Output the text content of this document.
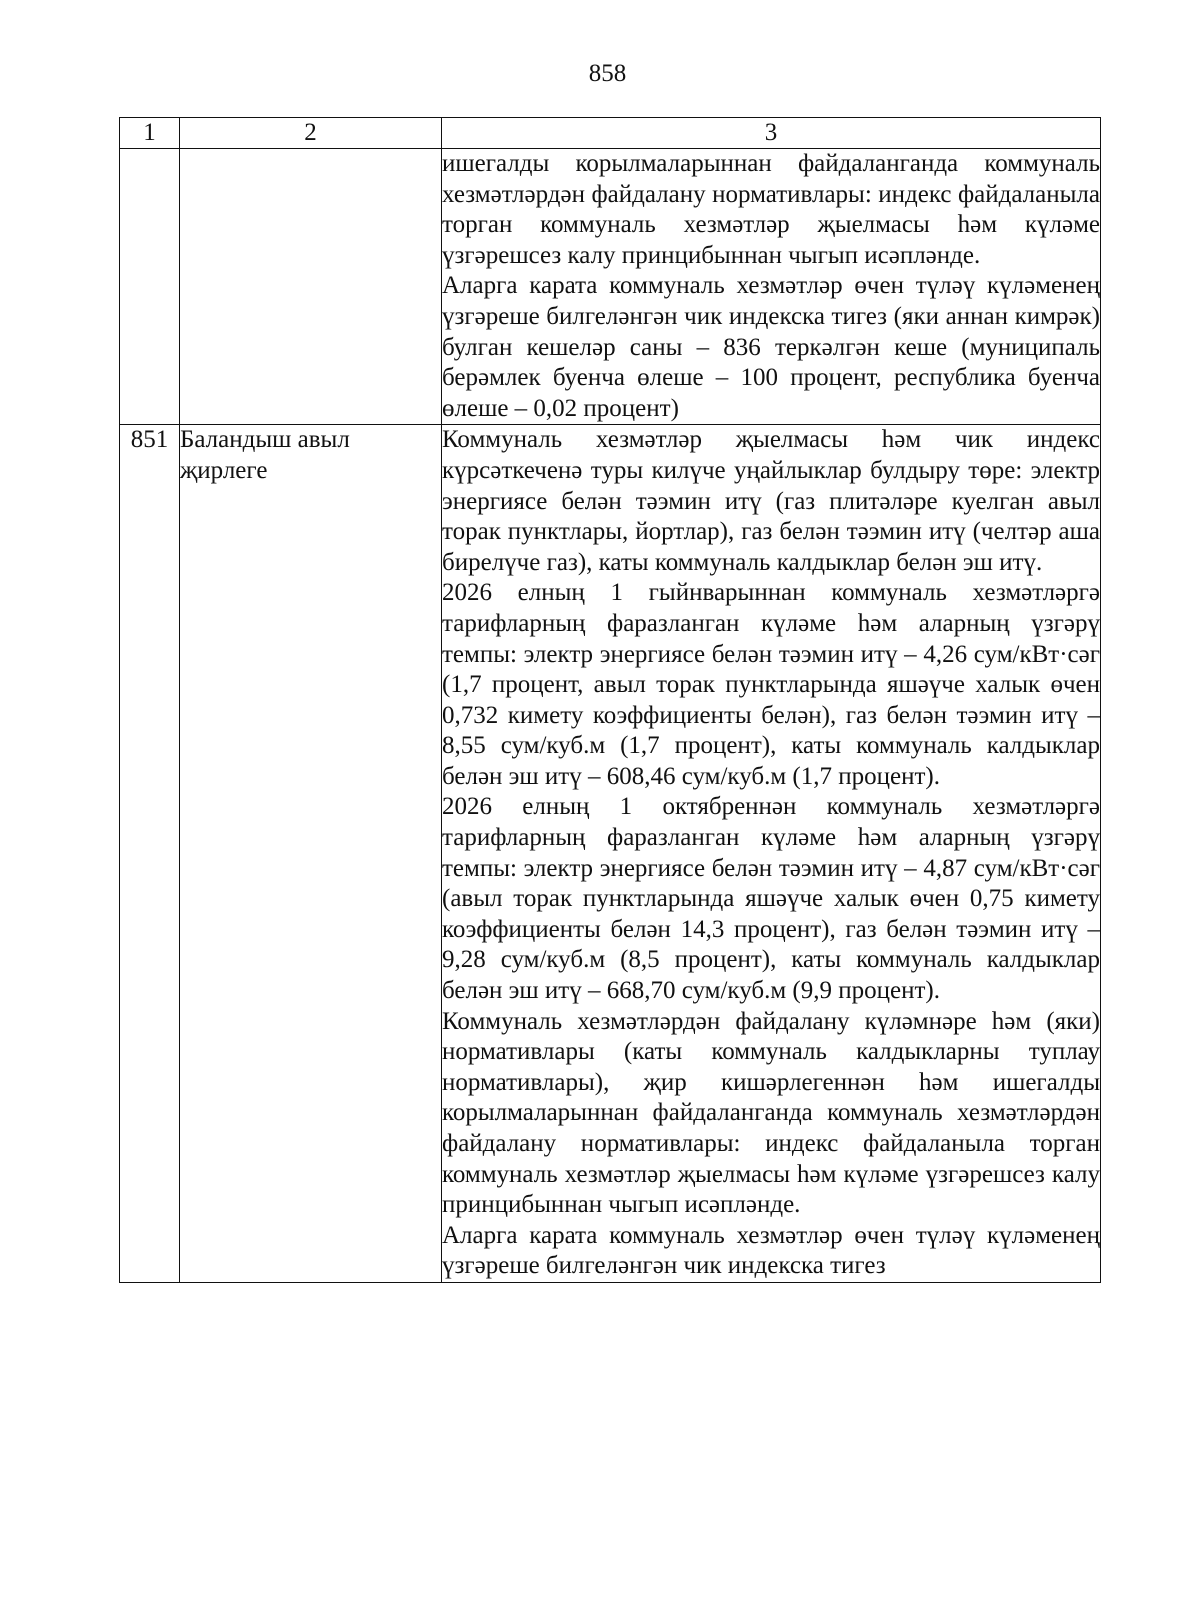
858
1	2	3

		ишегалды корылмаларыннан файдаланганда коммуналь хезмәтләрдән файдалану нормативлары: индекс файдаланыла торган коммуналь хезмәтләр җыелмасы һәм күләме үзгәрешсез калу принцибыннан чыгып исәпләнде.
Аларга карата коммуналь хезмәтләр өчен түләү күләменең үзгәреше билгеләнгән чик индекска тигез (яки аннан кимрәк) булган кешеләр саны – 836 теркәлгән кеше (муниципаль берәмлек буенча өлеше – 100 процент, республика буенча өлеше – 0,02 процент)

851	Баландыш авыл җирлеге	Коммуналь хезмәтләр җыелмасы һәм чик индекс күрсәткеченә туры килүче уңайлыклар булдыру төре: электр энергиясе белән тәэмин итү (газ плитәләре куелган авыл торак пунктлары, йортлар), газ белән тәэмин итү (челтәр аша бирелүче газ), каты коммуналь калдыклар белән эш итү.
2026 елның 1 гыйнварыннан коммуналь хезмәтләргә тарифларның фаразланган күләме һәм аларның үзгәрү темпы: электр энергиясе белән тәэмин итү – 4,26 сум/кВт·сәг (1,7 процент, авыл торак пунктларында яшәүче халык өчен 0,732 кимету коэффициенты белән), газ белән тәэмин итү – 8,55 сум/куб.м (1,7 процент), каты коммуналь калдыклар белән эш итү – 608,46 сум/куб.м (1,7 процент).
2026 елның 1 октябреннән коммуналь хезмәтләргә тарифларның фаразланган күләме һәм аларның үзгәрү темпы: электр энергиясе белән тәэмин итү – 4,87 сум/кВт·сәг (авыл торак пунктларында яшәүче халык өчен 0,75 кимету коэффициенты белән 14,3 процент), газ белән тәэмин итү – 9,28 сум/куб.м (8,5 процент), каты коммуналь калдыклар белән эш итү – 668,70 сум/куб.м (9,9 процент).
Коммуналь хезмәтләрдән файдалану күләмнәре һәм (яки) нормативлары (каты коммуналь калдыкларны туплау нормативлары), җир кишәрлегеннән һәм ишегалды корылмаларыннан файдаланганда коммуналь хезмәтләрдән файдалану нормативлары: индекс файдаланыла торган коммуналь хезмәтләр җыелмасы һәм күләме үзгәрешсез калу принцибыннан чыгып исәпләнде.
Аларга карата коммуналь хезмәтләр өчен түләү күләменең үзгәреше билгеләнгән чик индекска тигез
